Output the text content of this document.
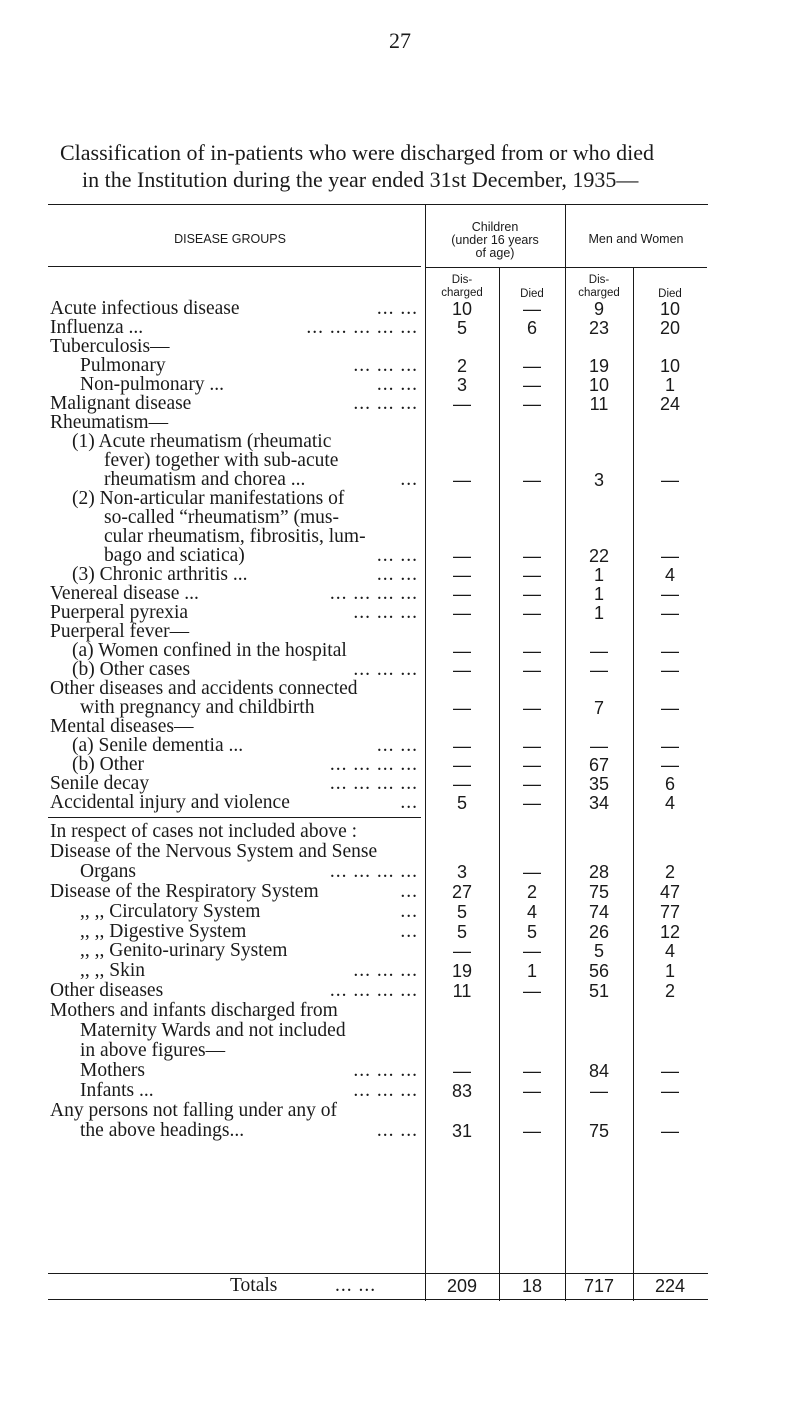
27
Classification of in-patients who were discharged from or who died
in the Institution during the year ended 31st December, 1935—
DISEASE GROUPS
Children
(under 16 years
of age)
Men and Women
Dis-
charged	Died
Dis-
charged	Died
Acute infectious disease	... ...	10	—	9	10
Influenza ...	... ... ... ... ...	5	6	23	20
Tuberculosis—
Pulmonary	... ... ...	2	—	19	10
Non-pulmonary ...	... ...	3	—	10	1
Malignant disease	... ... ...	—	—	11	24
Rheumatism—
(1) Acute rheumatism (rheumatic
fever) together with sub-acute
rheumatism and chorea ...	...	—	—	3	—
(2) Non-articular manifestations of
so-called “rheumatism” (mus-
cular rheumatism, fibrositis, lum-
bago and sciatica)	... ...	—	—	22	—
(3) Chronic arthritis ...	... ...	—	—	1	4
Venereal disease ...	... ... ... ...	—	—	1	—
Puerperal pyrexia	... ... ...	—	—	1	—
Puerperal fever—
(a) Women confined in the hospital	—	—	—	—
(b) Other cases	... ... ...	—	—	—	—
Other diseases and accidents connected
with pregnancy and childbirth	—	—	7	—
Mental diseases—
(a) Senile dementia ...	... ...	—	—	—	—
(b) Other	... ... ... ...	—	—	67	—
Senile decay	... ... ... ...	—	—	35	6
Accidental injury and violence	...	5	—	34	4
In respect of cases not included above :
Disease of the Nervous System and Sense
Organs	... ... ... ...	3	—	28	2
Disease of the Respiratory System	...	27	2	75	47
,, ,, Circulatory System	...	5	4	74	77
,, ,, Digestive System	...	5	5	26	12
,, ,, Genito-urinary System	—	—	5	4
,, ,, Skin	... ... ...	19	1	56	1
Other diseases	... ... ... ...	11	—	51	2
Mothers and infants discharged from
Maternity Wards and not included
in above figures—
Mothers	... ... ...	—	—	84	—
Infants ...	... ... ...	83	—	—	—
Any persons not falling under any of
the above headings...	... ...	31	—	75	—
Totals	... ...	209	18	717	224
